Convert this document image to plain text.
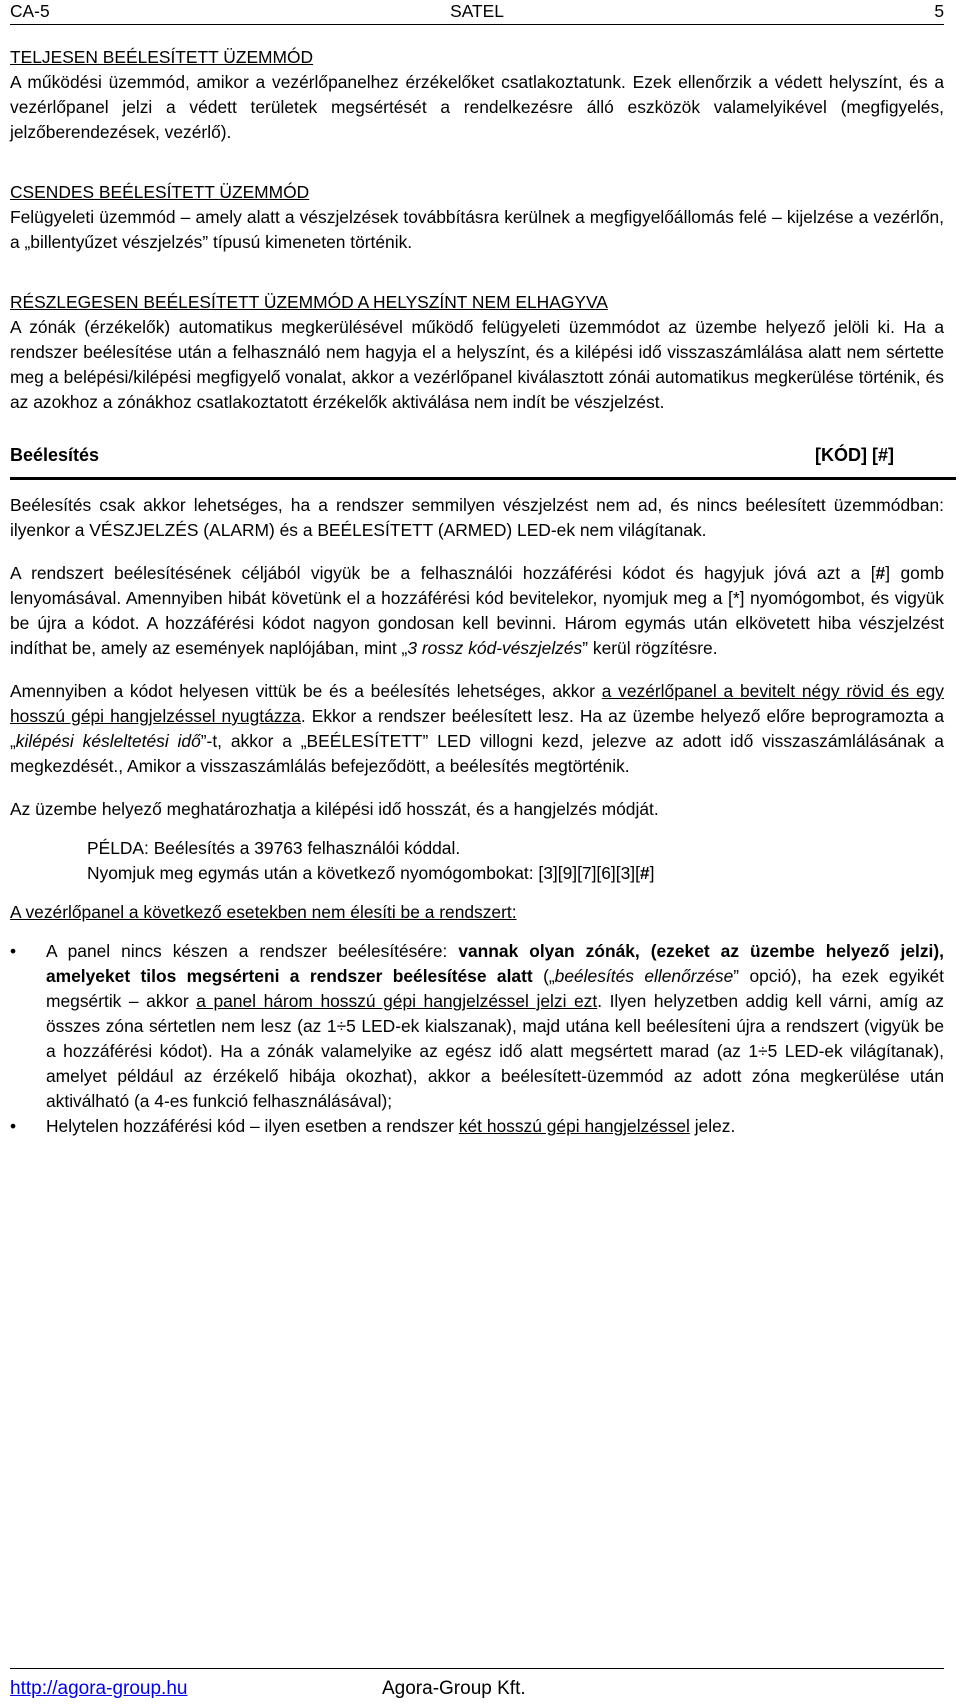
CA-5	SATEL	5
TELJESEN BEÉLESÍTETT ÜZEMMÓD

A működési üzemmód, amikor a vezérlőpanelhez érzékelőket csatlakoztatunk. Ezek ellenőrzik a védett helyszínt, és a vezérlőpanel jelzi a védett területek megsértését a rendelkezésre álló eszközök valamelyikével (megfigyelés, jelzőberendezések, vezérlő).

CSENDES BEÉLESÍTETT ÜZEMMÓD

Felügyeleti üzemmód – amely alatt a vészjelzések továbbításra kerülnek a megfigyelőállomás felé – kijelzése a vezérlőn, a „billentyűzet vészjelzés” típusú kimeneten történik.

RÉSZLEGESEN BEÉLESÍTETT ÜZEMMÓD A HELYSZÍNT NEM ELHAGYVA

A zónák (érzékelők) automatikus megkerülésével működő felügyeleti üzemmódot az üzembe helyező jelöli ki. Ha a rendszer beélesítése után a felhasználó nem hagyja el a helyszínt, és a kilépési idő visszaszámlálása alatt nem sértette meg a belépési/kilépési megfigyelő vonalat, akkor a vezérlőpanel kiválasztott zónái automatikus megkerülése történik, és az azokhoz a zónákhoz csatlakoztatott érzékelők aktiválása nem indít be vészjelzést.

Beélesítés	[KÓD] [#]

Beélesítés csak akkor lehetséges, ha a rendszer semmilyen vészjelzést nem ad, és nincs beélesített üzemmódban: ilyenkor a VÉSZJELZÉS (ALARM) és a BEÉLESÍTETT (ARMED) LED-ek nem világítanak.

A rendszert beélesítésének céljából vigyük be a felhasználói hozzáférési kódot és hagyjuk jóvá azt a [#] gomb lenyomásával. Amennyiben hibát követünk el a hozzáférési kód bevitelekor, nyomjuk meg a [*] nyomógombot, és vigyük be újra a kódot. A hozzáférési kódot nagyon gondosan kell bevinni. Három egymás után elkövetett hiba vészjelzést indíthat be, amely az események naplójában, mint „3 rossz kód-vészjelzés” kerül rögzítésre.

Amennyiben a kódot helyesen vittük be és a beélesítés lehetséges, akkor a vezérlőpanel a bevitelt négy rövid és egy hosszú gépi hangjelzéssel nyugtázza. Ekkor a rendszer beélesített lesz. Ha az üzembe helyező előre beprogramozta a „kilépési késleltetési idő”-t, akkor a „BEÉLESÍTETT” LED villogni kezd, jelezve az adott idő visszaszámlálásának a megkezdését., Amikor a visszaszámlálás befejeződött, a beélesítés megtörténik.

Az üzembe helyező meghatározhatja a kilépési idő hosszát, és a hangjelzés módját.

PÉLDA: Beélesítés a 39763 felhasználói kóddal.
Nyomjuk meg egymás után a következő nyomógombokat: [3][9][7][6][3][#]
A vezérlőpanel a következő esetekben nem élesíti be a rendszert:
• A panel nincs készen a rendszer beélesítésére: vannak olyan zónák, (ezeket az üzembe helyező jelzi), amelyeket tilos megsérteni a rendszer beélesítése alatt („beélesítés ellenőrzése” opció), ha ezek egyikét megsértik – akkor a panel három hosszú gépi hangjelzéssel jelzi ezt. Ilyen helyzetben addig kell várni, amíg az összes zóna sértetlen nem lesz (az 1÷5 LED-ek kialszanak), majd utána kell beélesíteni újra a rendszert (vigyük be a hozzáférési kódot). Ha a zónák valamelyike az egész idő alatt megsértett marad (az 1÷5 LED-ek világítanak), amelyet például az érzékelő hibája okozhat), akkor a beélesített-üzemmód az adott zóna megkerülése után aktiválható (a 4-es funkció felhasználásával);
• Helytelen hozzáférési kód – ilyen esetben a rendszer két hosszú gépi hangjelzéssel jelez.
http://agora-group.hu	Agora-Group Kft.
